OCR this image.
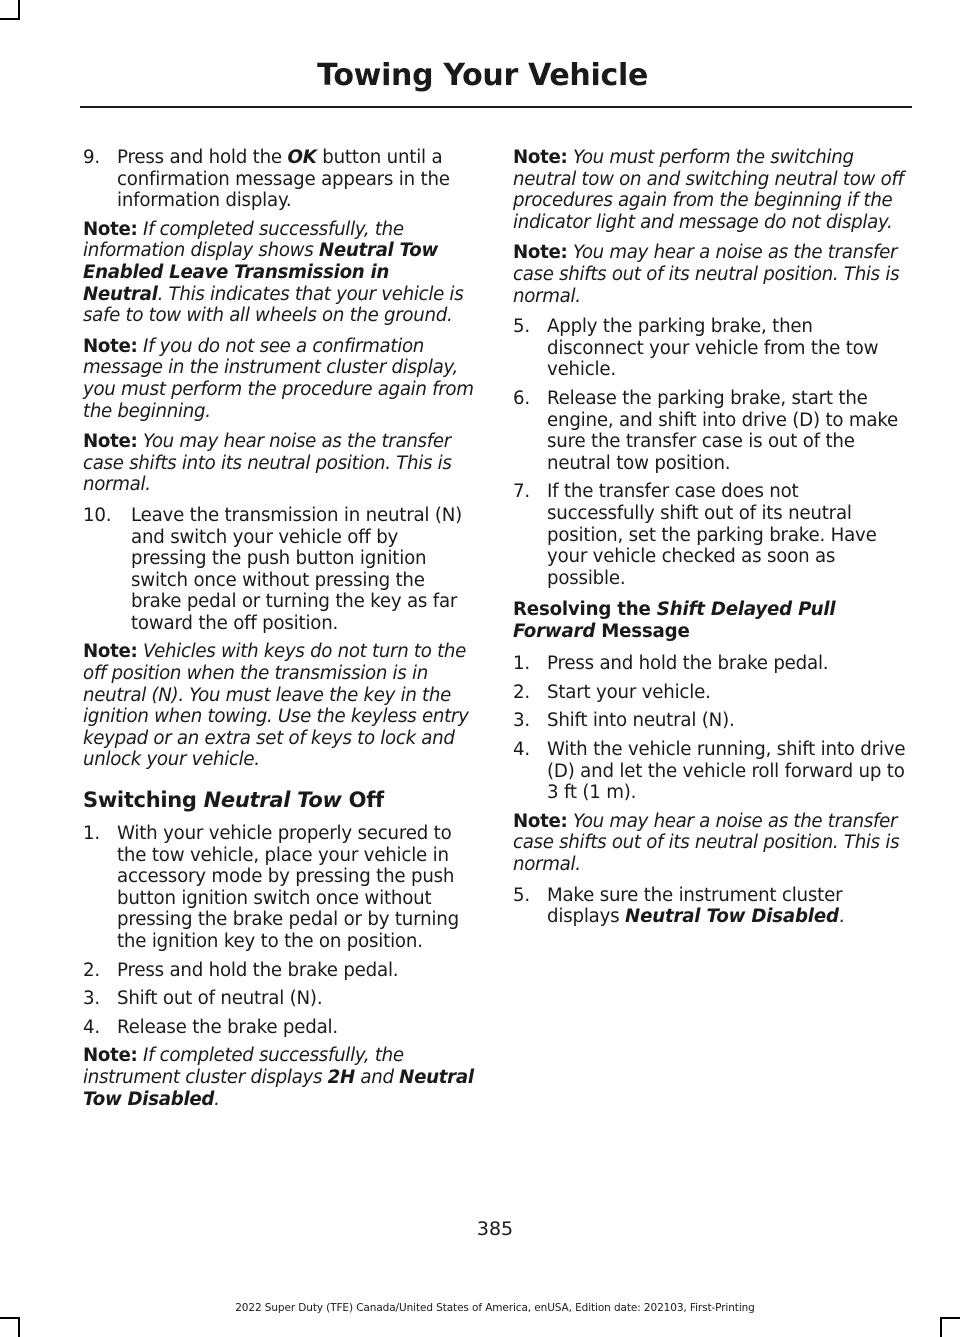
Towing Your Vehicle
9. Press and hold the OK button until a confirmation message appears in the information display.

Note: If completed successfully, the information display shows Neutral Tow Enabled Leave Transmission in Neutral. This indicates that your vehicle is safe to tow with all wheels on the ground.

Note: If you do not see a confirmation message in the instrument cluster display, you must perform the procedure again from the beginning.

Note: You may hear noise as the transfer case shifts into its neutral position. This is normal.

10. Leave the transmission in neutral (N) and switch your vehicle off by pressing the push button ignition switch once without pressing the brake pedal or turning the key as far toward the off position.

Note: Vehicles with keys do not turn to the off position when the transmission is in neutral (N). You must leave the key in the ignition when towing. Use the keyless entry keypad or an extra set of keys to lock and unlock your vehicle.

Switching Neutral Tow Off
1. With your vehicle properly secured to the tow vehicle, place your vehicle in accessory mode by pressing the push button ignition switch once without pressing the brake pedal or by turning the ignition key to the on position.
2. Press and hold the brake pedal.
3. Shift out of neutral (N).
4. Release the brake pedal.

Note: If completed successfully, the instrument cluster displays 2H and Neutral Tow Disabled.

Note: You must perform the switching neutral tow on and switching neutral tow off procedures again from the beginning if the indicator light and message do not display.

Note: You may hear a noise as the transfer case shifts out of its neutral position. This is normal.

5. Apply the parking brake, then disconnect your vehicle from the tow vehicle.
6. Release the parking brake, start the engine, and shift into drive (D) to make sure the transfer case is out of the neutral tow position.
7. If the transfer case does not successfully shift out of its neutral position, set the parking brake. Have your vehicle checked as soon as possible.
Resolving the Shift Delayed Pull Forward Message
1. Press and hold the brake pedal.
2. Start your vehicle.
3. Shift into neutral (N).
4. With the vehicle running, shift into drive (D) and let the vehicle roll forward up to 3 ft (1 m).

Note: You may hear a noise as the transfer case shifts out of its neutral position. This is normal.

5. Make sure the instrument cluster displays Neutral Tow Disabled.
385
2022 Super Duty (TFE) Canada/United States of America, enUSA, Edition date: 202103, First-Printing
